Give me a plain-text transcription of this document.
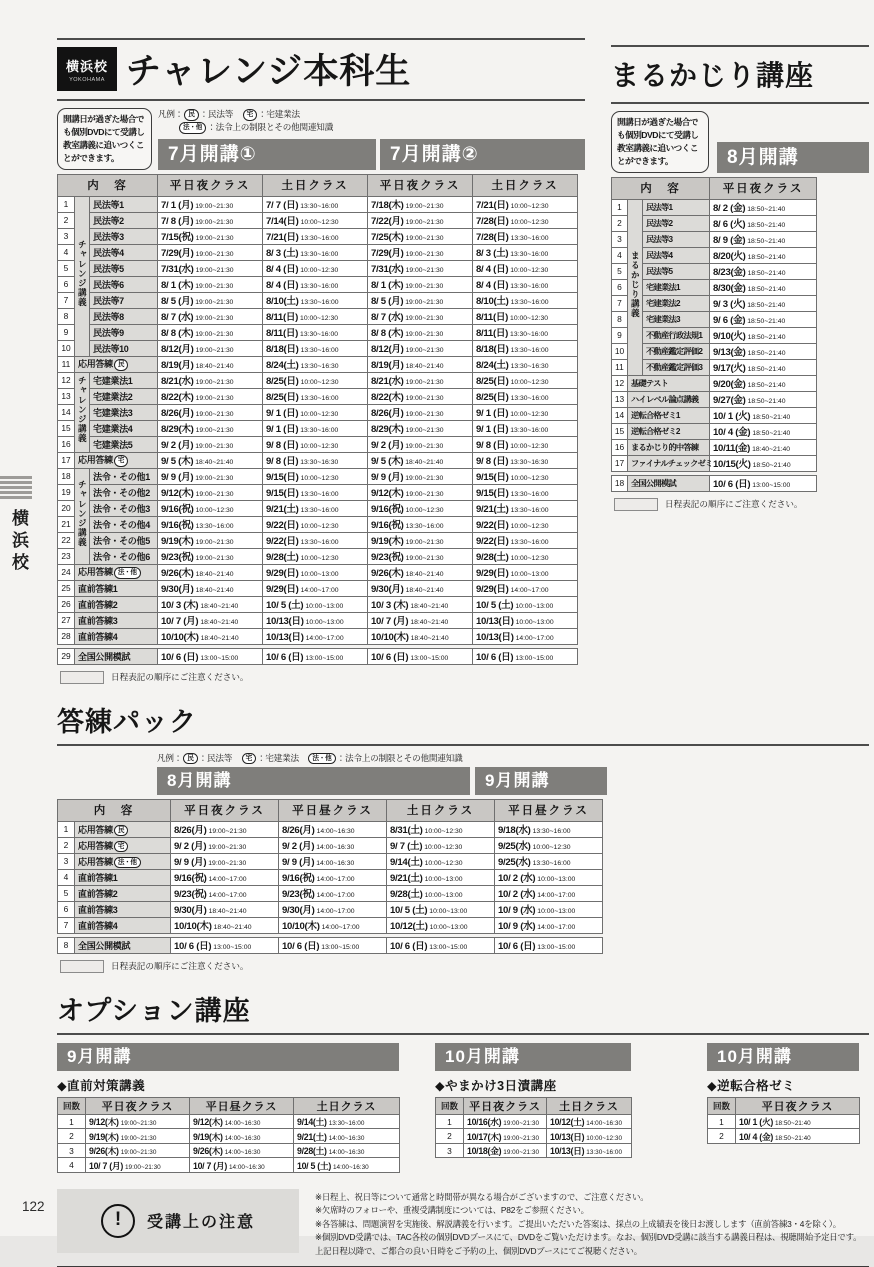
横浜校
横浜校
YOKOHAMA チャレンジ本科生
開講日が過ぎた場合でも個別DVDにて受講し教室講義に追いつくことができます。
凡例： 民 ：民法等　 宅 ：宅建業法
法・他 ：法令上の制限とその他関連知識
7月開講①	7月開講②
内　容			平日夜クラス	土日クラス	平日夜クラス	土日クラス
1	チャレンジ講義	民法等1	7/ 1 (月) 19:00~21:30	7/ 7 (日) 13:30~16:00	7/18(木) 19:00~21:30	7/21(日) 10:00~12:30
2		民法等2	7/ 8 (月) 19:00~21:30	7/14(日) 10:00~12:30	7/22(月) 19:00~21:30	7/28(日) 10:00~12:30
3		民法等3	7/15(祝) 19:00~21:30	7/21(日) 13:30~16:00	7/25(木) 19:00~21:30	7/28(日) 13:30~16:00
4		民法等4	7/29(月) 19:00~21:30	8/ 3 (土) 13:30~16:00	7/29(月) 19:00~21:30	8/ 3 (土) 13:30~16:00
5		民法等5	7/31(水) 19:00~21:30	8/ 4 (日) 10:00~12:30	7/31(水) 19:00~21:30	8/ 4 (日) 10:00~12:30
6		民法等6	8/ 1 (木) 19:00~21:30	8/ 4 (日) 13:30~16:00	8/ 1 (木) 19:00~21:30	8/ 4 (日) 13:30~16:00
7		民法等7	8/ 5 (月) 19:00~21:30	8/10(土) 13:30~16:00	8/ 5 (月) 19:00~21:30	8/10(土) 13:30~16:00
8		民法等8	8/ 7 (水) 19:00~21:30	8/11(日) 10:00~12:30	8/ 7 (水) 19:00~21:30	8/11(日) 10:00~12:30
9		民法等9	8/ 8 (木) 19:00~21:30	8/11(日) 13:30~16:00	8/ 8 (木) 19:00~21:30	8/11(日) 13:30~16:00
10		民法等10	8/12(月) 19:00~21:30	8/18(日) 13:30~16:00	8/12(月) 19:00~21:30	8/18(日) 13:30~16:00
11	応用答練 民		8/19(月) 18:40~21:40	8/24(土) 13:30~16:30	8/19(月) 18:40~21:40	8/24(土) 13:30~16:30
12	チャレンジ講義	宅建業法1	8/21(水) 19:00~21:30	8/25(日) 10:00~12:30	8/21(水) 19:00~21:30	8/25(日) 10:00~12:30
13		宅建業法2	8/22(木) 19:00~21:30	8/25(日) 13:30~16:00	8/22(木) 19:00~21:30	8/25(日) 13:30~16:00
14		宅建業法3	8/26(月) 19:00~21:30	9/ 1 (日) 10:00~12:30	8/26(月) 19:00~21:30	9/ 1 (日) 10:00~12:30
15		宅建業法4	8/29(木) 19:00~21:30	9/ 1 (日) 13:30~16:00	8/29(木) 19:00~21:30	9/ 1 (日) 13:30~16:00
16		宅建業法5	9/ 2 (月) 19:00~21:30	9/ 8 (日) 10:00~12:30	9/ 2 (月) 19:00~21:30	9/ 8 (日) 10:00~12:30
17	応用答練 宅		9/ 5 (木) 18:40~21:40	9/ 8 (日) 13:30~16:30	9/ 5 (木) 18:40~21:40	9/ 8 (日) 13:30~16:30
18	チャレンジ講義	法令・その他1	9/ 9 (月) 19:00~21:30	9/15(日) 10:00~12:30	9/ 9 (月) 19:00~21:30	9/15(日) 10:00~12:30
19		法令・その他2	9/12(木) 19:00~21:30	9/15(日) 13:30~16:00	9/12(木) 19:00~21:30	9/15(日) 13:30~16:00
20		法令・その他3	9/16(祝) 10:00~12:30	9/21(土) 13:30~16:00	9/16(祝) 10:00~12:30	9/21(土) 13:30~16:00
21		法令・その他4	9/16(祝) 13:30~16:00	9/22(日) 10:00~12:30	9/16(祝) 13:30~16:00	9/22(日) 10:00~12:30
22		法令・その他5	9/19(木) 19:00~21:30	9/22(日) 13:30~16:00	9/19(木) 19:00~21:30	9/22(日) 13:30~16:00
23		法令・その他6	9/23(祝) 19:00~21:30	9/28(土) 10:00~12:30	9/23(祝) 19:00~21:30	9/28(土) 10:00~12:30
24	応用答練 法・他		9/26(木) 18:40~21:40	9/29(日) 10:00~13:00	9/26(木) 18:40~21:40	9/29(日) 10:00~13:00
25	直前答練1		9/30(月) 18:40~21:40	9/29(日) 14:00~17:00	9/30(月) 18:40~21:40	9/29(日) 14:00~17:00
26	直前答練2		10/ 3 (木) 18:40~21:40	10/ 5 (土) 10:00~13:00	10/ 3 (木) 18:40~21:40	10/ 5 (土) 10:00~13:00
27	直前答練3		10/ 7 (月) 18:40~21:40	10/13(日) 10:00~13:00	10/ 7 (月) 18:40~21:40	10/13(日) 10:00~13:00
28	直前答練4		10/10(木) 18:40~21:40	10/13(日) 14:00~17:00	10/10(木) 18:40~21:40	10/13(日) 14:00~17:00
29	全国公開模試	10/ 6 (日) 13:00~15:00	10/ 6 (日) 13:00~15:00	10/ 6 (日) 13:00~15:00	10/ 6 (日) 13:00~15:00
日程表記の順序にご注意ください。
まるかじり講座
開講日が過ぎた場合でも個別DVDにて受講し教室講義に追いつくことができます。	8月開講
内　容			平日夜クラス
1	まるかじり講義	民法等1	8/ 2 (金) 18:50~21:40
2		民法等2	8/ 6 (火) 18:50~21:40
3		民法等3	8/ 9 (金) 18:50~21:40
4		民法等4	8/20(火) 18:50~21:40
5		民法等5	8/23(金) 18:50~21:40
6		宅建業法1	8/30(金) 18:50~21:40
7		宅建業法2	9/ 3 (火) 18:50~21:40
8		宅建業法3	9/ 6 (金) 18:50~21:40
9		不動産行政法規1	9/10(火) 18:50~21:40
10		不動産鑑定評価2	9/13(金) 18:50~21:40
11		不動産鑑定評価3	9/17(火) 18:50~21:40
12	基礎テスト		9/20(金) 18:50~21:40
13	ハイレベル論点講義		9/27(金) 18:50~21:40
14	逆転合格ゼミ1		10/ 1 (火) 18:50~21:40
15	逆転合格ゼミ2		10/ 4 (金) 18:50~21:40
16	まるかじり的中答練		10/11(金) 18:40~21:40
17	ファイナルチェックゼミ		10/15(火) 18:50~21:40
18	全国公開模試	10/ 6 (日) 13:00~15:00
日程表記の順序にご注意ください。
答練パック
凡例： 民 ：民法等　 宅 ：宅建業法　 法・他 ：法令上の制限とその他関連知識
8月開講	9月開講
内　容		平日夜クラス	平日昼クラス	土日クラス	平日昼クラス
1	応用答練 民	8/26(月) 19:00~21:30	8/26(月) 14:00~16:30	8/31(土) 10:00~12:30	9/18(水) 13:30~16:00
2	応用答練 宅	9/ 2 (月) 19:00~21:30	9/ 2 (月) 14:00~16:30	9/ 7 (土) 10:00~12:30	9/25(水) 10:00~12:30
3	応用答練 法・他	9/ 9 (月) 19:00~21:30	9/ 9 (月) 14:00~16:30	9/14(土) 10:00~12:30	9/25(水) 13:30~16:00
4	直前答練1	9/16(祝) 14:00~17:00	9/16(祝) 14:00~17:00	9/21(土) 10:00~13:00	10/ 2 (水) 10:00~13:00
5	直前答練2	9/23(祝) 14:00~17:00	9/23(祝) 14:00~17:00	9/28(土) 10:00~13:00	10/ 2 (水) 14:00~17:00
6	直前答練3	9/30(月) 18:40~21:40	9/30(月) 14:00~17:00	10/ 5 (土) 10:00~13:00	10/ 9 (水) 10:00~13:00
7	直前答練4	10/10(木) 18:40~21:40	10/10(木) 14:00~17:00	10/12(土) 10:00~13:00	10/ 9 (水) 14:00~17:00
8	全国公開模試	10/ 6 (日) 13:00~15:00	10/ 6 (日) 13:00~15:00	10/ 6 (日) 13:00~15:00	10/ 6 (日) 13:00~15:00
日程表記の順序にご注意ください。
オプション講座
9月開講
◆直前対策講義
回数	平日夜クラス	平日昼クラス	土日クラス
1	9/12(木) 19:00~21:30	9/12(木) 14:00~16:30	9/14(土) 13:30~16:00
2	9/19(木) 19:00~21:30	9/19(木) 14:00~16:30	9/21(土) 14:00~16:30
3	9/26(木) 19:00~21:30	9/26(木) 14:00~16:30	9/28(土) 14:00~16:30
4	10/ 7 (月) 19:00~21:30	10/ 7 (月) 14:00~16:30	10/ 5 (土) 14:00~16:30
10月開講
◆やまかけ3日漬講座
回数	平日夜クラス	土日クラス
1	10/16(水) 19:00~21:30	10/12(土) 14:00~16:30
2	10/17(木) 19:00~21:30	10/13(日) 10:00~12:30
3	10/18(金) 19:00~21:30	10/13(日) 13:30~16:00
10月開講
◆逆転合格ゼミ
回数	平日夜クラス
1	10/ 1 (火) 18:50~21:40
2	10/ 4 (金) 18:50~21:40
!	受講上の注意
※日程上、祝日等について通常と時間帯が異なる場合がございますので、ご注意ください。
※欠席時のフォローや、重複受講制度については、P82をご参照ください。
※各答練は、問題演習を実施後、解説講義を行います。ご提出いただいた答案は、採点の上成績表を後日お渡しします（直前答練3・4を除く）。
※個別DVD受講では、TAC各校の個別DVDブースにて、DVDをご覧いただけます。なお、個別DVD受講に該当する講義日程は、視聴開始予定日です。上記日程以降で、ご都合の良い日時をご予約の上、個別DVDブースにてご視聴ください。
122
